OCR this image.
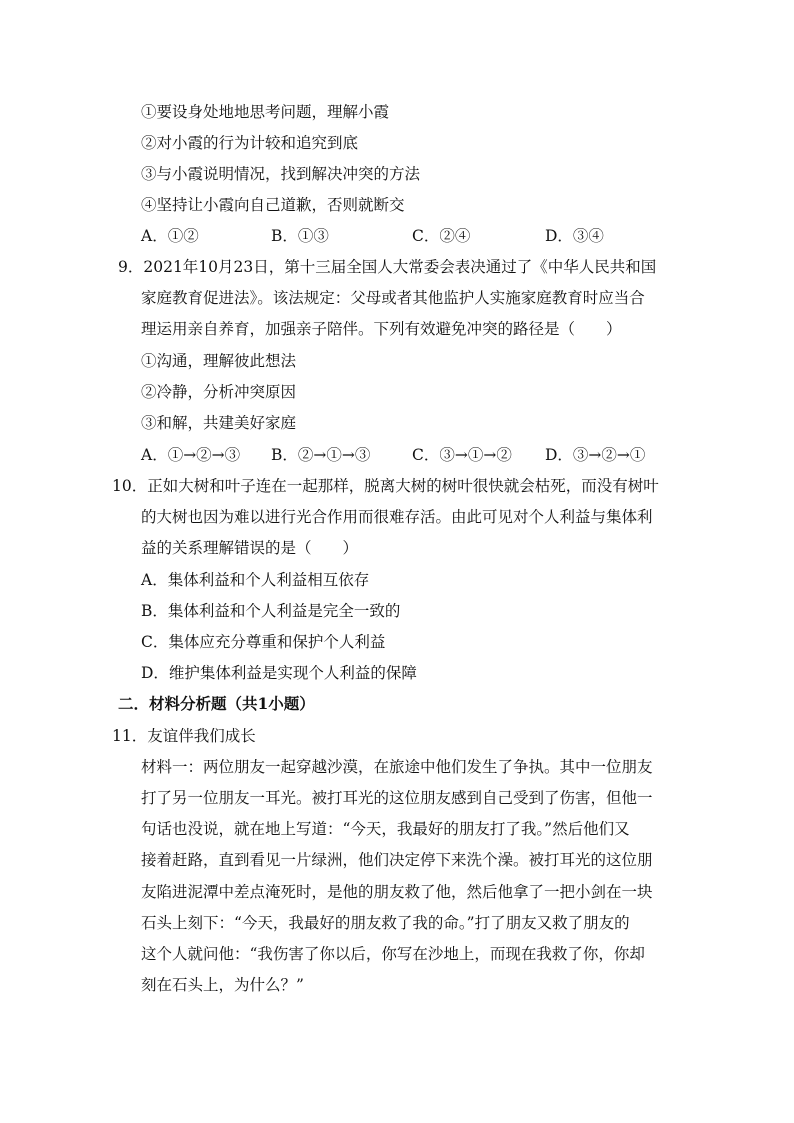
①要设身处地地思考问题，理解小霞
②对小霞的行为计较和追究到底
③与小霞说明情况，找到解决冲突的方法
④坚持让小霞向自己道歉，否则就断交
A．①②	B．①③	C．②④	D．③④
9．2021年10月23日，第十三届全国人大常委会表决通过了《中华人民共和国
家庭教育促进法》。该法规定：父母或者其他监护人实施家庭教育时应当合
理运用亲自养育，加强亲子陪伴。下列有效避免冲突的路径是（　　）
①沟通，理解彼此想法
②冷静，分析冲突原因
③和解，共建美好家庭
A．①→②→③ B．②→①→③	C．③→①→② D．③→②→①
10．正如大树和叶子连在一起那样，脱离大树的树叶很快就会枯死，而没有树叶
的大树也因为难以进行光合作用而很难存活。由此可见对个人利益与集体利
益的关系理解错误的是（　　）
A．集体利益和个人利益相互依存
B．集体利益和个人利益是完全一致的
C．集体应充分尊重和保护个人利益
D．维护集体利益是实现个人利益的保障
二．材料分析题（共1小题）
11．友谊伴我们成长
材料一：两位朋友一起穿越沙漠，在旅途中他们发生了争执。其中一位朋友
打了另一位朋友一耳光。被打耳光的这位朋友感到自己受到了伤害，但他一
句话也没说，就在地上写道：“今天，我最好的朋友打了我。”然后他们又
接着赶路，直到看见一片绿洲，他们决定停下来洗个澡。被打耳光的这位朋
友陷进泥潭中差点淹死时，是他的朋友救了他，然后他拿了一把小剑在一块
石头上刻下：“今天，我最好的朋友救了我的命。”打了朋友又救了朋友的
这个人就问他：“我伤害了你以后，你写在沙地上，而现在我救了你，你却
刻在石头上，为什么？”
